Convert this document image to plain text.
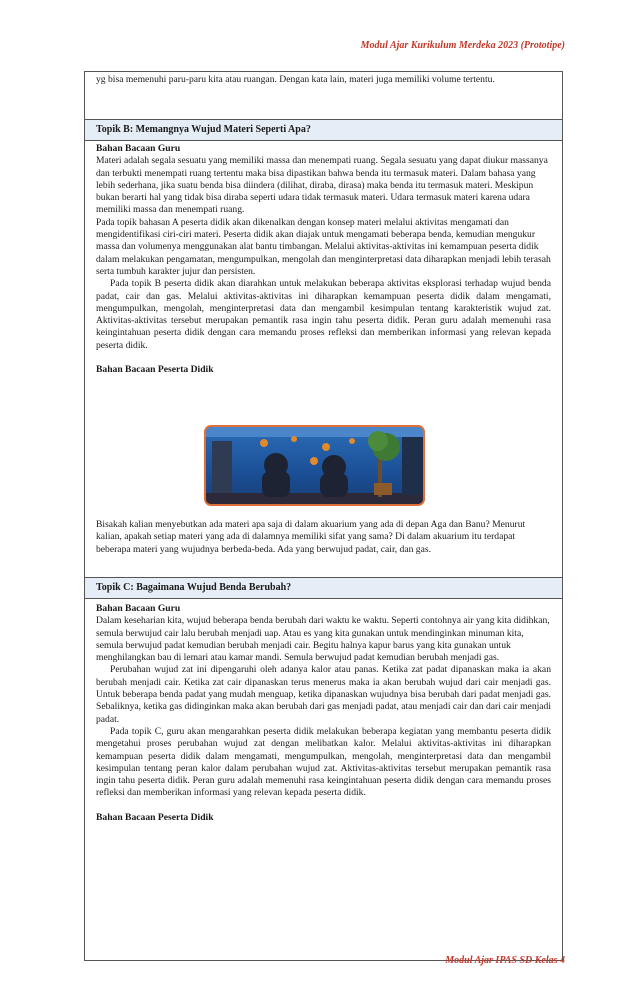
Modul Ajar Kurikulum Merdeka 2023 (Prototipe)

yg bisa memenuhi paru-paru kita atau ruangan. Dengan kata lain, materi juga memiliki volume tertentu.

Topik B: Memangnya Wujud Materi Seperti Apa?
Bahan Bacaan Guru

Materi adalah segala sesuatu yang memiliki massa dan menempati ruang. Segala sesuatu yang dapat diukur massanya dan terbukti menempati ruang tertentu maka bisa dipastikan bahwa benda itu termasuk materi. Dalam bahasa yang lebih sederhana, jika suatu benda bisa diindera (dilihat, diraba, dirasa) maka benda itu termasuk materi. Meskipun bukan berarti hal yang tidak bisa diraba seperti udara tidak termasuk materi. Udara termasuk materi karena udara memiliki massa dan menempati ruang.

Pada topik bahasan A peserta didik akan dikenalkan dengan konsep materi melalui aktivitas mengamati dan mengidentifikasi ciri-ciri materi. Peserta didik akan diajak untuk mengamati beberapa benda, kemudian mengukur massa dan volumenya menggunakan alat bantu timbangan. Melalui aktivitas-aktivitas ini kemampuan peserta didik dalam melakukan pengamatan, mengumpulkan, mengolah dan menginterpretasi data diharapkan menjadi lebih terasah serta tumbuh karakter jujur dan persisten.

Pada topik B peserta didik akan diarahkan untuk melakukan beberapa aktivitas eksplorasi terhadap wujud benda padat, cair dan gas. Melalui aktivitas-aktivitas ini diharapkan kemampuan peserta didik dalam mengamati, mengumpulkan, mengolah, menginterpretasi data dan mengambil kesimpulan tentang karakteristik wujud zat. Aktivitas-aktivitas tersebut merupakan pemantik rasa ingin tahu peserta didik. Peran guru adalah memenuhi rasa keingintahuan peserta didik dengan cara memandu proses refleksi dan memberikan informasi yang relevan kepada peserta didik.

Bahan Bacaan Peserta Didik

Bisakah kalian menyebutkan ada materi apa saja di dalam akuarium yang ada di depan Aga dan Banu? Menurut kalian, apakah setiap materi yang ada di dalamnya memiliki sifat yang sama? Di dalam akuarium itu terdapat beberapa materi yang wujudnya berbeda-beda. Ada yang berwujud padat, cair, dan gas.

Topik C: Bagaimana Wujud Benda Berubah?
Bahan Bacaan Guru

Dalam keseharian kita, wujud beberapa benda berubah dari waktu ke waktu. Seperti contohnya air yang kita didihkan, semula berwujud cair lalu berubah menjadi uap. Atau es yang kita gunakan untuk mendinginkan minuman kita, semula berwujud padat kemudian berubah menjadi cair. Begitu halnya kapur barus yang kita gunakan untuk menghilangkan bau di lemari atau kamar mandi. Semula berwujud padat kemudian berubah menjadi gas.

Perubahan wujud zat ini dipengaruhi oleh adanya kalor atau panas. Ketika zat padat dipanaskan maka ia akan berubah menjadi cair. Ketika zat cair dipanaskan terus menerus maka ia akan berubah wujud dari cair menjadi gas. Untuk beberapa benda padat yang mudah menguap, ketika dipanaskan wujudnya bisa berubah dari padat menjadi gas. Sebaliknya, ketika gas didinginkan maka akan berubah dari gas menjadi padat, atau menjadi cair dan dari cair menjadi padat.

Pada topik C, guru akan mengarahkan peserta didik melakukan beberapa kegiatan yang membantu peserta didik mengetahui proses perubahan wujud zat dengan melibatkan kalor. Melalui aktivitas-aktivitas ini diharapkan kemampuan peserta didik dalam mengamati, mengumpulkan, mengolah, menginterpretasi data dan mengambil kesimpulan tentang peran kalor dalam perubahan wujud zat. Aktivitas-aktivitas tersebut merupakan pemantik rasa ingin tahu peserta didik. Peran guru adalah memenuhi rasa keingintahuan peserta didik dengan cara memandu proses refleksi dan memberikan informasi yang relevan kepada peserta didik.

Bahan Bacaan Peserta Didik
Modul Ajar IPAS SD Kelas 4
